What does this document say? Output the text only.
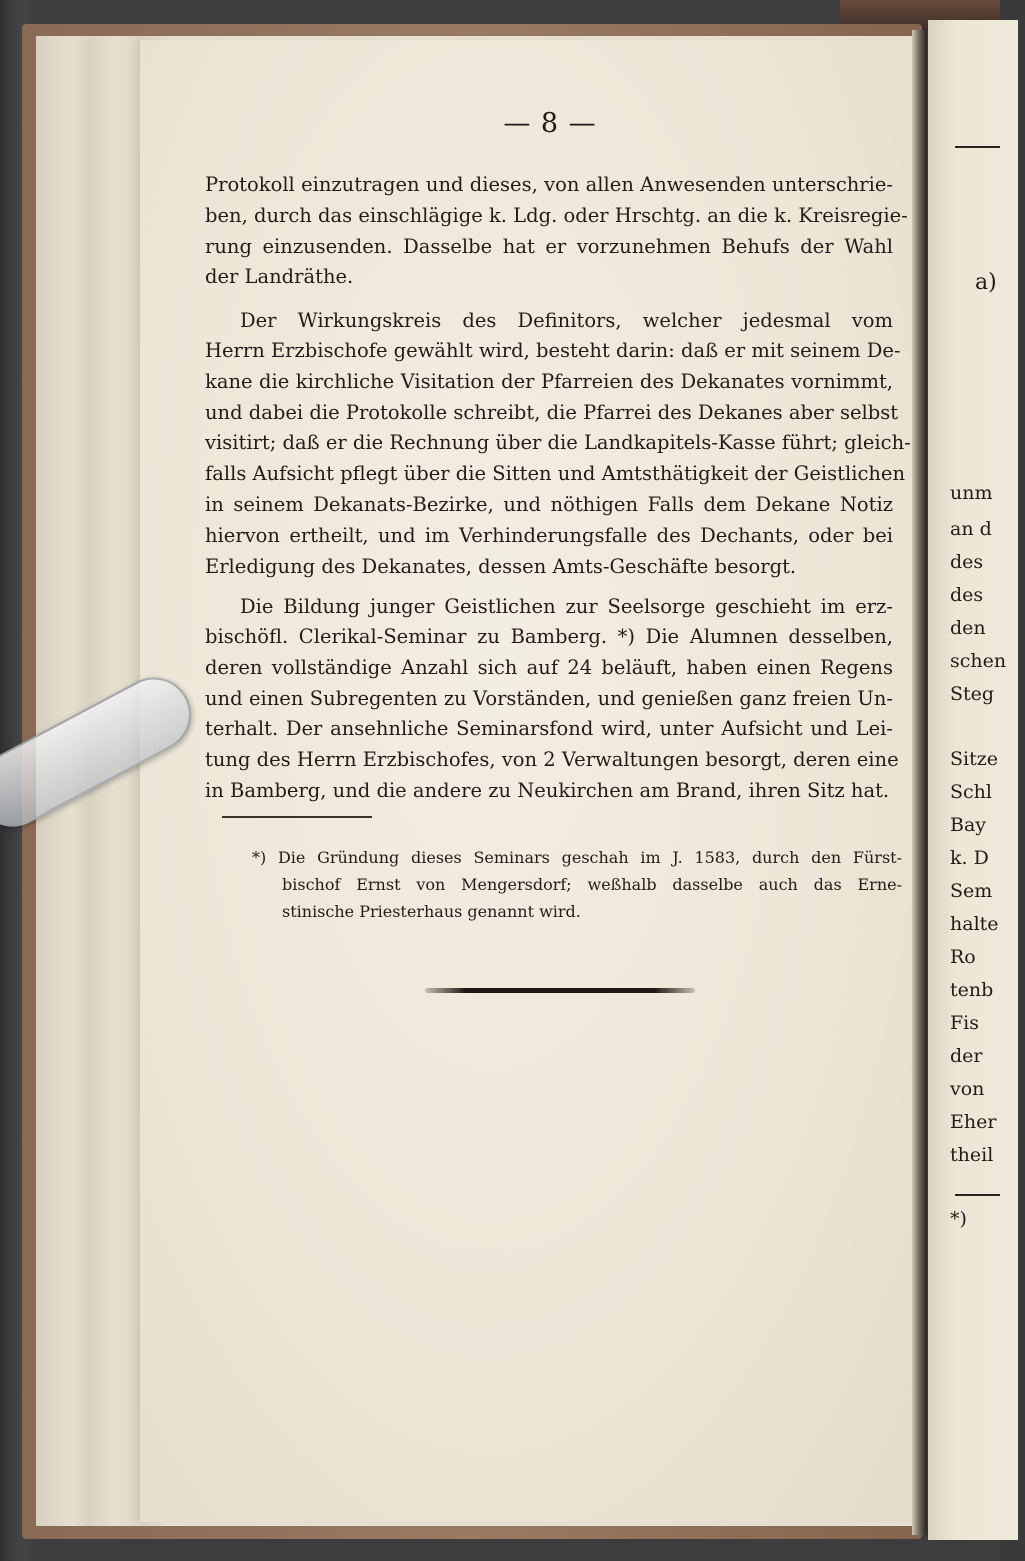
— 8 —
Protokoll einzutragen und dieses, von allen Anwesenden unterschrie-
ben, durch das einschlägige k. Ldg. oder Hrschtg. an die k. Kreisregie-
rung einzusenden. Dasselbe hat er vorzunehmen Behufs der Wahl
der Landräthe.
Der Wirkungskreis des Definitors, welcher jedesmal vom
Herrn Erzbischofe gewählt wird, besteht darin: daß er mit seinem De-
kane die kirchliche Visitation der Pfarreien des Dekanates vornimmt,
und dabei die Protokolle schreibt, die Pfarrei des Dekanes aber selbst
visitirt; daß er die Rechnung über die Landkapitels-Kasse führt; gleich-
falls Aufsicht pflegt über die Sitten und Amtsthätigkeit der Geistlichen
in seinem Dekanats-Bezirke, und nöthigen Falls dem Dekane Notiz
hiervon ertheilt, und im Verhinderungsfalle des Dechants, oder bei
Erledigung des Dekanates, dessen Amts-Geschäfte besorgt.
Die Bildung junger Geistlichen zur Seelsorge geschieht im erz-
bischöfl. Clerikal-Seminar zu Bamberg. *) Die Alumnen desselben,
deren vollständige Anzahl sich auf 24 beläuft, haben einen Regens
und einen Subregenten zu Vorständen, und genießen ganz freien Un-
terhalt. Der ansehnliche Seminarsfond wird, unter Aufsicht und Lei-
tung des Herrn Erzbischofes, von 2 Verwaltungen besorgt, deren eine
in Bamberg, und die andere zu Neukirchen am Brand, ihren Sitz hat.
*) Die Gründung dieses Seminars geschah im J. 1583, durch den Fürst-
bischof Ernst von Mengersdorf; weßhalb dasselbe auch das Erne-
stinische Priesterhaus genannt wird.
a)
unm
an d
des
des
den
schen
Steg
Sitze
Schl
Bay
k. D
Sem
halte
Ro
tenb
Fis
der
von
Eher
theil
*)
